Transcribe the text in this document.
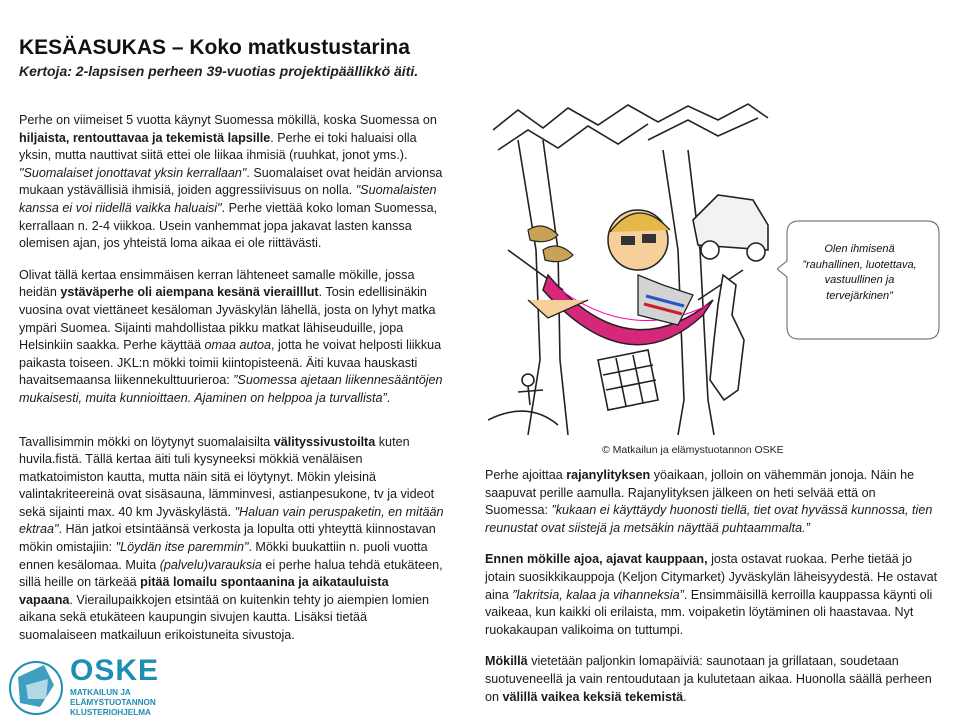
KESÄASUKAS – Koko matkustustarina
Kertoja: 2-lapsisen perheen 39-vuotias projektipäällikkö äiti.

Perhe on viimeiset 5 vuotta käynyt Suomessa mökillä, koska Suomessa on hiljaista, rentouttavaa ja tekemistä lapsille. Perhe ei toki haluaisi olla yksin, mutta nauttivat siitä ettei ole liikaa ihmisiä (ruuhkat, jonot yms.). "Suomalaiset jonottavat yksin kerrallaan". Suomalaiset ovat heidän arvionsa mukaan ystävällisiä ihmisiä, joiden aggressiivisuus on nolla. "Suomalaisten kanssa ei voi riidellä vaikka haluaisi". Perhe viettää koko loman Suomessa, kerrallaan n. 2-4 viikkoa. Usein vanhemmat jopa jakavat lasten kanssa olemisen ajan, jos yhteistä loma aikaa ei ole riittävästi.

Olivat tällä kertaa ensimmäisen kerran lähteneet samalle mökille, jossa heidän ystäväperhe oli aiempana kesänä vierailllut. Tosin edellisinäkin vuosina ovat viettäneet kesäloman Jyväskylän lähellä, josta on lyhyt matka ympäri Suomea. Sijainti mahdollistaa pikku matkat lähiseuduille, jopa Helsinkiin saakka. Perhe käyttää omaa autoa, jotta he voivat helposti liikkua paikasta toiseen. JKL:n mökki toimii kiintopisteenä. Äiti kuvaa hauskasti havaitsemaansa liikennekulttuurieroa: ”Suomessa ajetaan liikennesääntöjen mukaisesti, muita kunnioittaen. Ajaminen on helppoa ja turvallista”.

Tavallisimmin mökki on löytynyt suomalaisilta välityssivustoilta kuten huvila.fistä. Tällä kertaa äiti tuli kysyneeksi mökkiä venäläisen matkatoimiston kautta, mutta näin sitä ei löytynyt. Mökin yleisinä valintakriteereinä ovat sisäsauna, lämminvesi, astianpesukone, tv ja videot sekä sijainti max. 40 km Jyväskylästä. "Haluan vain peruspaketin, en mitään ektraa". Hän jatkoi etsintäänsä verkosta ja lopulta otti yhteyttä kiinnostavan mökin omistajiin: "Löydän itse paremmin". Mökki buukattiin n. puoli vuotta ennen kesälomaa. Muita (palvelu)varauksia ei perhe halua tehdä etukäteen, sillä heille on tärkeää pitää lomailu spontaanina ja aikatauluista vapaana. Vierailupaikkojen etsintää on kuitenkin tehty jo aiempien lomien aikana sekä etukäteen kaupungin sivujen kautta. Lisäksi tietää suomalaiseen matkailuun erikoistuneita sivustoja.

© Matkailun ja elämystuotannon OSKE
Olen ihmisenä ”rauhallinen, luotettava, vastuullinen ja tervejärkinen”

Perhe ajoittaa rajanylityksen yöaikaan, jolloin on vähemmän jonoja. Näin he saapuvat perille aamulla. Rajanylityksen jälkeen on heti selvää että on Suomessa: ”kukaan ei käyttäydy huonosti tiellä, tiet ovat hyvässä kunnossa, tien reunustat ovat siistejä ja metsäkin näyttää puhtaammalta.”

Ennen mökille ajoa, ajavat kauppaan, josta ostavat ruokaa. Perhe tietää jo jotain suosikkikauppoja (Keljon Citymarket) Jyväskylän läheisyydestä. He ostavat aina ”lakritsia, kalaa ja vihanneksia”. Ensimmäisillä kerroilla kauppassa käynti oli vaikeaa, kun kaikki oli erilaista, mm. voipaketin löytäminen oli haastavaa. Nyt ruokakaupan valikoima on tuttumpi.

Mökillä vietetään paljonkin lomapäiviä: saunotaan ja grillataan, soudetaan suotuveneellä ja vain rentoudutaan ja kulutetaan aikaa. Huonolla säällä perheen on välillä vaikea keksiä tekemistä.

OSKE
MATKAILUN JA
ELÄMYSTUOTANNON
KLUSTERIOHJELMA
